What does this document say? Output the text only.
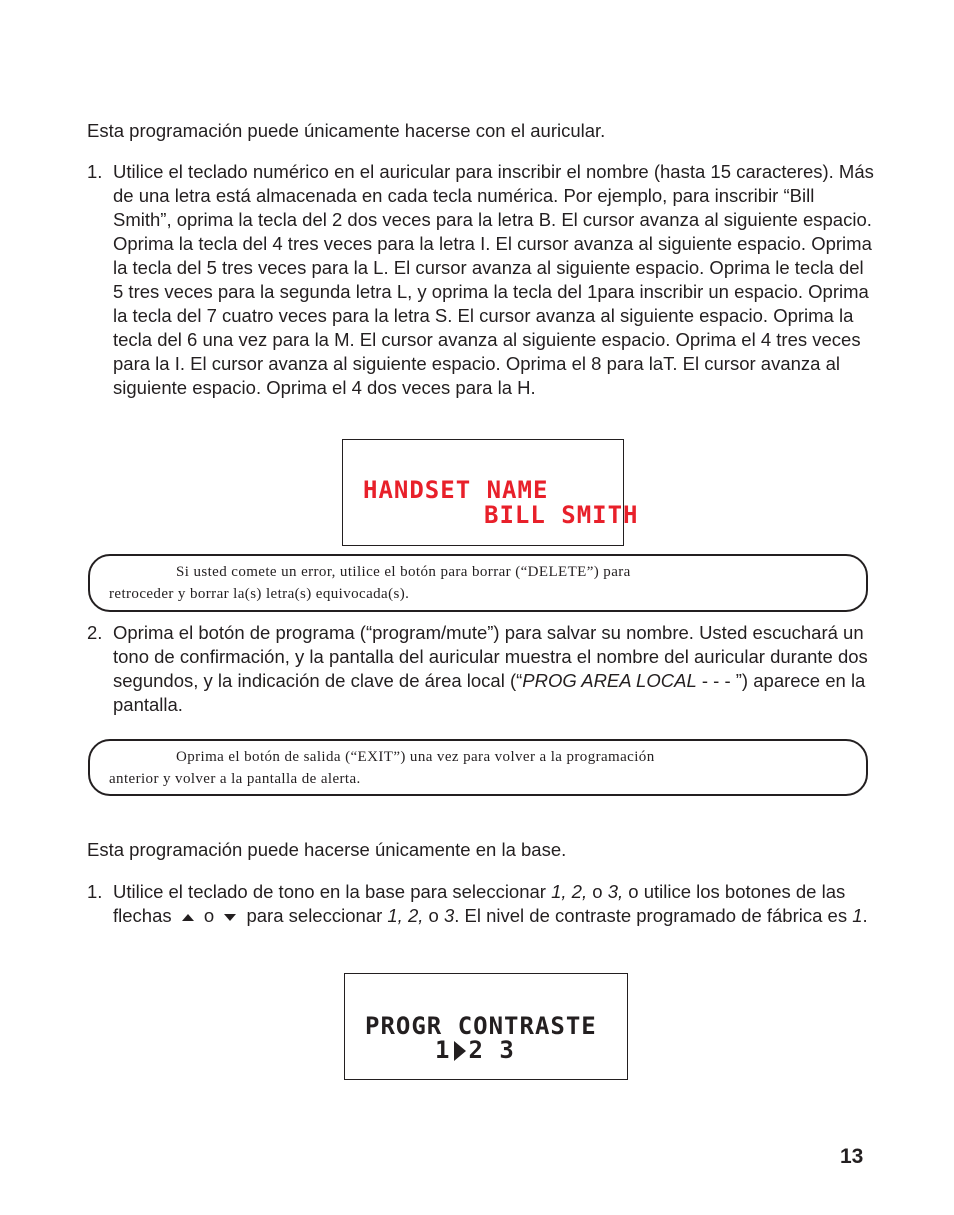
Esta programación puede únicamente hacerse con el auricular.
1. Utilice el teclado numérico en el auricular para inscribir el nombre (hasta 15 caracteres). Más de una letra está almacenada en cada tecla numérica. Por ejemplo, para inscribir “Bill Smith”, oprima la tecla del 2 dos veces para la letra B. El cursor avanza al siguiente espacio. Oprima la tecla del 4 tres veces para la letra I. El cursor avanza al siguiente espacio. Oprima la tecla del 5 tres veces para la L. El cursor avanza al siguiente espacio. Oprima le tecla del 5 tres veces para la segunda letra L, y oprima la tecla del 1para inscribir un espacio. Oprima la tecla del 7 cuatro veces para la letra S. El cursor avanza al siguiente espacio. Oprima la tecla del 6 una vez para la M. El cursor avanza al siguiente espacio. Oprima el 4 tres veces para la I. El cursor avanza al siguiente espacio. Oprima el 8 para laT. El cursor avanza al siguiente espacio. Oprima el 4 dos veces para la H.
HANDSET NAME
BILL SMITH
Si usted comete un error, utilice el botón para borrar (“DELETE”) para
retroceder y borrar la(s) letra(s) equivocada(s).
2. Oprima el botón de programa (“program/mute”) para salvar su nombre. Usted escuchará un tono de confirmación, y la pantalla del auricular muestra el nombre del auricular durante dos segundos, y la indicación de clave de área local (“PROG AREA LOCAL - - - ”) aparece en la pantalla.
Oprima el botón de salida (“EXIT”) una vez para volver a la programación
anterior y volver a la pantalla de alerta.
Esta programación puede hacerse únicamente en la base.
1. Utilice el teclado de tono en la base para seleccionar 1, 2, o 3, o utilice los botones de las flechas  o  para seleccionar 1, 2, o 3. El nivel de contraste programado de fábrica es 1.
PROGR CONTRASTE
1 2 3
13
